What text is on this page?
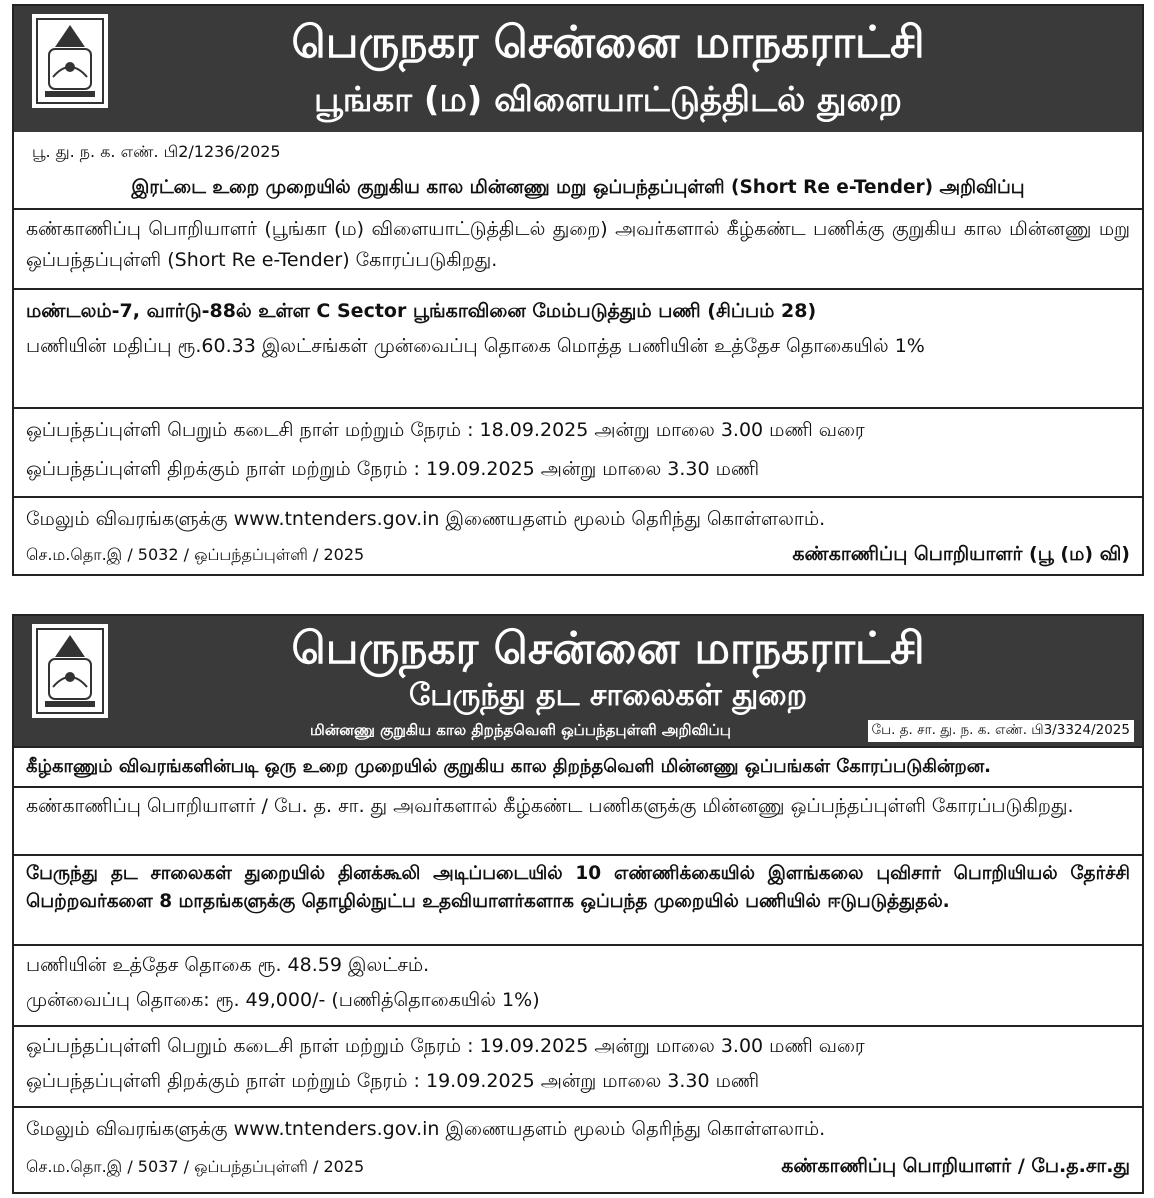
பெருநகர சென்னை மாநகராட்சி
பூங்கா (ம) விளையாட்டுத்திடல் துறை
பூ. து. ந. க. எண். பி2/1236/2025
இரட்டை உறை முறையில் குறுகிய கால மின்னணு மறு ஒப்பந்தப்புள்ளி (Short Re e-Tender) அறிவிப்பு
கண்காணிப்பு பொறியாளர் (பூங்கா (ம) விளையாட்டுத்திடல் துறை) அவர்களால் கீழ்கண்ட பணிக்கு குறுகிய கால மின்னணு மறு ஒப்பந்தப்புள்ளி (Short Re e-Tender) கோரப்படுகிறது.
மண்டலம்-7, வார்டு-88ல் உள்ள C Sector பூங்காவினை மேம்படுத்தும் பணி (சிப்பம் 28)
பணியின் மதிப்பு ரூ.60.33 இலட்சங்கள் முன்வைப்பு தொகை மொத்த பணியின் உத்தேச தொகையில் 1%
ஒப்பந்தப்புள்ளி பெறும் கடைசி நாள் மற்றும் நேரம் : 18.09.2025 அன்று மாலை 3.00 மணி வரை
ஒப்பந்தப்புள்ளி திறக்கும் நாள் மற்றும் நேரம் : 19.09.2025 அன்று மாலை 3.30 மணி
மேலும் விவரங்களுக்கு www.tntenders.gov.in இணையதளம் மூலம் தெரிந்து கொள்ளலாம்.
செ.ம.தொ.இ / 5032 / ஒப்பந்தப்புள்ளி / 2025	கண்காணிப்பு பொறியாளர் (பூ (ம) வி)
பெருநகர சென்னை மாநகராட்சி
பேருந்து தட சாலைகள் துறை
மின்னணு குறுகிய கால திறந்தவெளி ஒப்பந்தபுள்ளி அறிவிப்பு	பே. த. சா. து. ந. க. எண். பி3/3324/2025
கீழ்காணும் விவரங்களின்படி ஒரு உறை முறையில் குறுகிய கால திறந்தவெளி மின்னணு ஒப்பங்கள் கோரப்படுகின்றன.
கண்காணிப்பு பொறியாளர் / பே. த. சா. து அவர்களால் கீழ்கண்ட பணிகளுக்கு மின்னணு ஒப்பந்தப்புள்ளி கோரப்படுகிறது.
பேருந்து தட சாலைகள் துறையில் தினக்கூலி அடிப்படையில் 10 எண்ணிக்கையில் இளங்கலை புவிசார் பொறியியல் தேர்ச்சி பெற்றவர்களை 8 மாதங்களுக்கு தொழில்நுட்ப உதவியாளர்களாக ஒப்பந்த முறையில் பணியில் ஈடுபடுத்துதல்.
பணியின் உத்தேச தொகை ரூ. 48.59 இலட்சம்.
முன்வைப்பு தொகை: ரூ. 49,000/- (பணித்தொகையில் 1%)
ஒப்பந்தப்புள்ளி பெறும் கடைசி நாள் மற்றும் நேரம் : 19.09.2025 அன்று மாலை 3.00 மணி வரை
ஒப்பந்தப்புள்ளி திறக்கும் நாள் மற்றும் நேரம் : 19.09.2025 அன்று மாலை 3.30 மணி
மேலும் விவரங்களுக்கு www.tntenders.gov.in இணையதளம் மூலம் தெரிந்து கொள்ளலாம்.
செ.ம.தொ.இ / 5037 / ஒப்பந்தப்புள்ளி / 2025	கண்காணிப்பு பொறியாளர் / பே.த.சா.து
